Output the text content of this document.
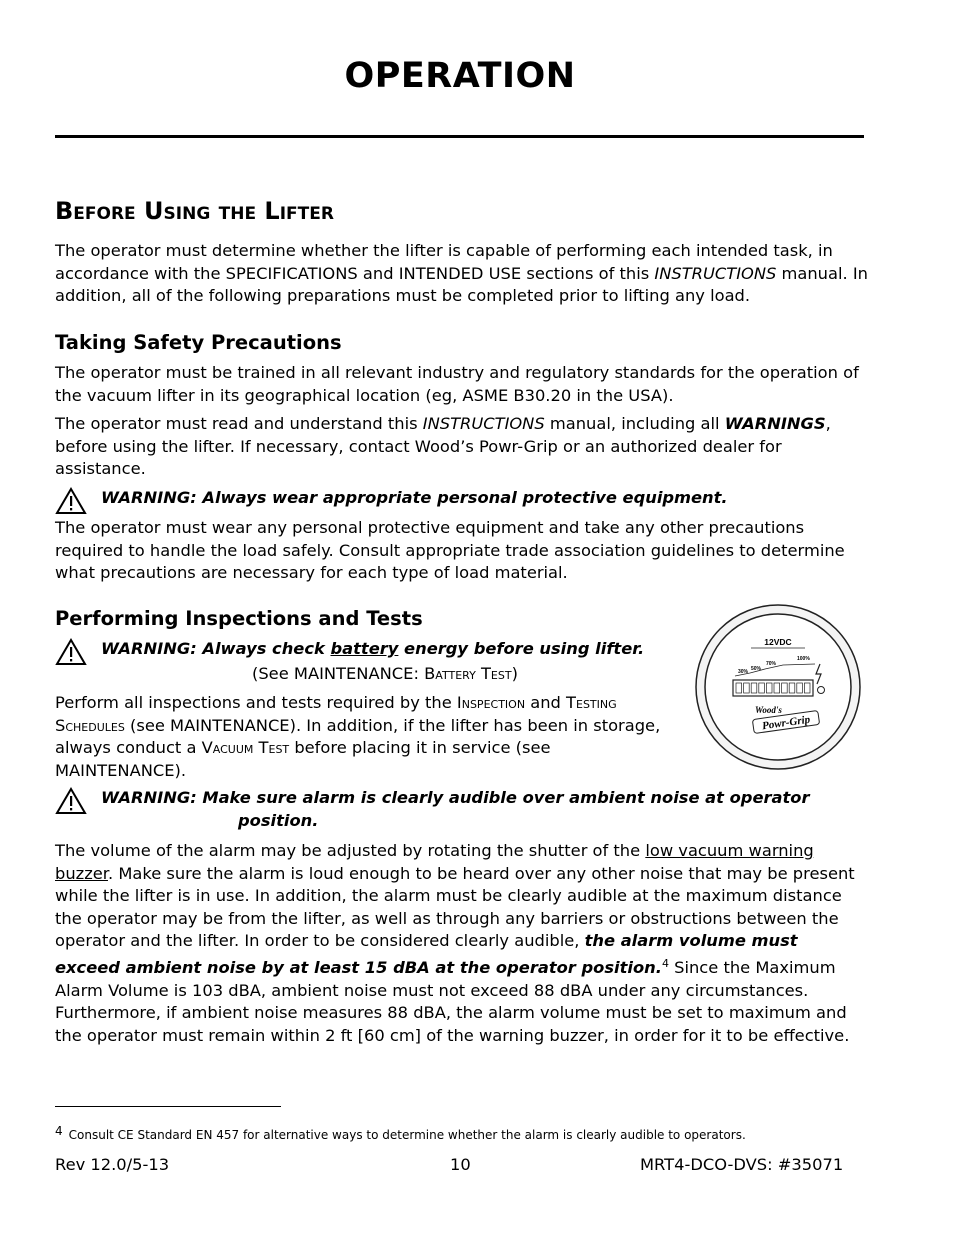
OPERATION
Before Using the Lifter
The operator must determine whether the lifter is capable of performing each intended task, in accordance with the SPECIFICATIONS and INTENDED USE sections of this INSTRUCTIONS manual. In addition, all of the following preparations must be completed prior to lifting any load.
Taking Safety Precautions
The operator must be trained in all relevant industry and regulatory standards for the operation of the vacuum lifter in its geographical location (eg, ASME B30.20 in the USA).
The operator must read and understand this INSTRUCTIONS manual, including all WARNINGS, before using the lifter. If necessary, contact Wood’s Powr-Grip or an authorized dealer for assistance.
WARNING: Always wear appropriate personal protective equipment.
The operator must wear any personal protective equipment and take any other precautions required to handle the load safely. Consult appropriate trade association guidelines to determine what precautions are necessary for each type of load material.
Performing Inspections and Tests
WARNING: Always check battery energy before using lifter.
(See MAINTENANCE: Battery Test)
Perform all inspections and tests required by the Inspection and Testing Schedules (see MAINTENANCE). In addition, if the lifter has been in storage, always conduct a Vacuum Test before placing it in service (see MAINTENANCE).
12VDC
30% 50%
70%
100%
Wood's
Powr-Grip
WARNING: Make sure alarm is clearly audible over ambient noise at operator
position.
The volume of the alarm may be adjusted by rotating the shutter of the low vacuum warning buzzer. Make sure the alarm is loud enough to be heard over any other noise that may be present while the lifter is in use. In addition, the alarm must be clearly audible at the maximum distance the operator may be from the lifter, as well as through any barriers or obstructions between the operator and the lifter. In order to be considered clearly audible, the alarm volume must exceed ambient noise by at least 15 dBA at the operator position.$^4$ Since the Maximum Alarm Volume is 103 dBA, ambient noise must not exceed 88 dBA under any circumstances. Furthermore, if ambient noise measures 88 dBA, the alarm volume must be set to maximum and the operator must remain within 2 ft [60 cm] of the warning buzzer, in order for it to be effective.
$^4$ Consult CE Standard EN 457 for alternative ways to determine whether the alarm is clearly audible to operators.
Rev 12.0/5-13	10	MRT4-DCO-DVS: #35071
